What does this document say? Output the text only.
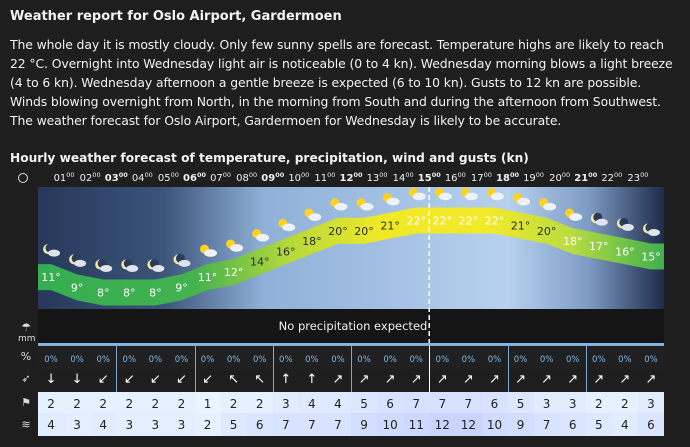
Weather report for Oslo Airport, Gardermoen
The whole day it is mostly cloudy. Only few sunny spells are forecast. Temperature highs are likely to reach 22 °C. Overnight into Wednesday light air is noticeable (0 to 4 kn). Wednesday morning blows a light breeze (4 to 6 kn). Wednesday afternoon a gentle breeze is expected (6 to 10 kn). Gusts to 12 kn are possible. Winds blowing overnight from North, in the morning from South and during the afternoon from Southwest. The weather forecast for Oslo Airport, Gardermoen for Wednesday is likely to be accurate.
Hourly weather forecast of temperature, precipitation, wind and gusts (kn)
$01^{00}$ $02^{00}$ $03^{00}$ $04^{00}$ $05^{00}$ $06^{00}$ $07^{00}$ $08^{00}$ $09^{00}$ $10^{00}$ $11^{00}$ $12^{00}$ $13^{00}$ $14^{00}$ $15^{00}$ $16^{00}$ $17^{00}$ $18^{00}$ $19^{00}$ $20^{00}$ $21^{00}$ $22^{00}$ $23^{00}$
11°
9° 8° 8° 8° 9°
11° 12°
14°
16°
18°
20° 20° 21° 22° 22° 22° 22° 21° 20°
18° 17° 16° 15°
No precipitation expected
☂
mm
%
➶
⚑
≋
0%	0%	0%	0%	0%	0%	0%	0%	0%	0%	0%	0%	0%	0%	0%	0%	0%	0%	0%	0%	0%	0%	0%	0%
↓	↓	↙	↙	↙	↙	↙	↖	↖	↑	↑	↗	↗	↗	↗	↗	↗	↗	↗	↗	↗	↗	↗	↗
2	2	2	2	2	2	1	2	2	3	4	4	5	6	7	7	7	6	5	3	3	2	2	3
4	3	4	3	3	3	2	5	6	7	7	7	9	10 11 12 12 10	9	7	6	5	4	6
